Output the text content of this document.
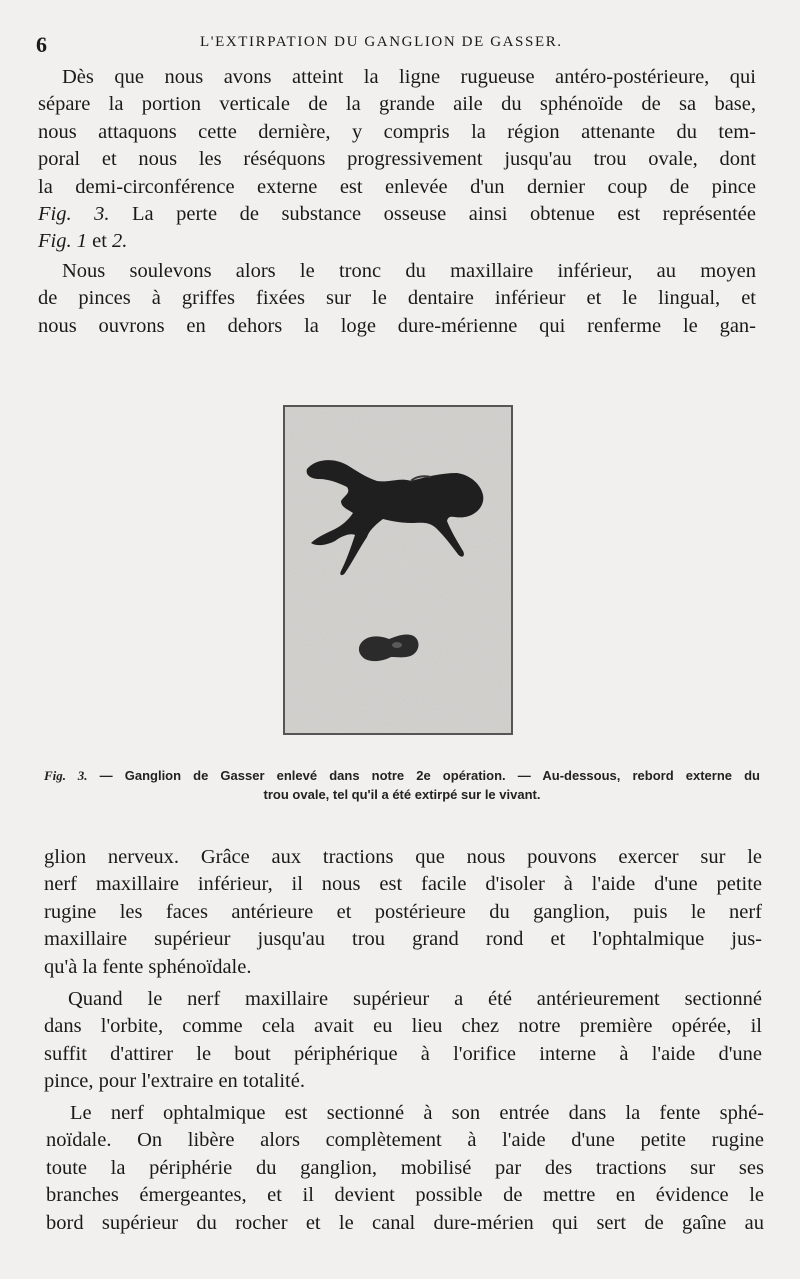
6	L'EXTIRPATION DU GANGLION DE GASSER.
Dès que nous avons atteint la ligne rugueuse antéro-postérieure, qui
sépare la portion verticale de la grande aile du sphénoïde de sa base,
nous attaquons cette dernière, y compris la région attenante du tem-
poral et nous les réséquons progressivement jusqu'au trou ovale, dont
la demi-circonférence externe est enlevée d'un dernier coup de pince
Fig. 3. La perte de substance osseuse ainsi obtenue est représentée
Fig. 1 et 2.
Nous soulevons alors le tronc du maxillaire inférieur, au moyen
de pinces à griffes fixées sur le dentaire inférieur et le lingual, et
nous ouvrons en dehors la loge dure-mérienne qui renferme le gan-
Fig. 3. — Ganglion de Gasser enlevé dans notre 2e opération. — Au-dessous, rebord externe du
trou ovale, tel qu'il a été extirpé sur le vivant.
glion nerveux. Grâce aux tractions que nous pouvons exercer sur le
nerf maxillaire inférieur, il nous est facile d'isoler à l'aide d'une petite
rugine les faces antérieure et postérieure du ganglion, puis le nerf
maxillaire supérieur jusqu'au trou grand rond et l'ophtalmique jus-
qu'à la fente sphénoïdale.
Quand le nerf maxillaire supérieur a été antérieurement sectionné
dans l'orbite, comme cela avait eu lieu chez notre première opérée, il
suffit d'attirer le bout périphérique à l'orifice interne à l'aide d'une
pince, pour l'extraire en totalité.
Le nerf ophtalmique est sectionné à son entrée dans la fente sphé-
noïdale. On libère alors complètement à l'aide d'une petite rugine
toute la périphérie du ganglion, mobilisé par des tractions sur ses
branches émergeantes, et il devient possible de mettre en évidence le
bord supérieur du rocher et le canal dure-mérien qui sert de gaîne au
